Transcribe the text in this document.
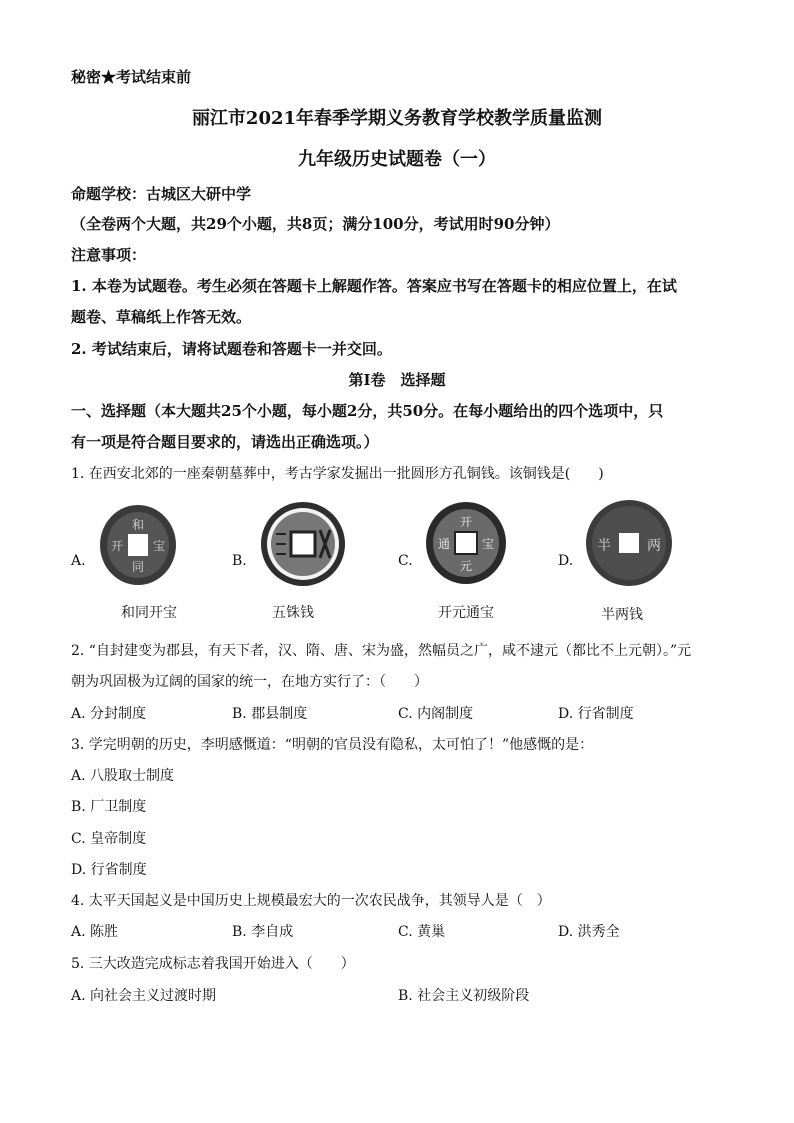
秘密★考试结束前
丽江市2021年春季学期义务教育学校教学质量监测
九年级历史试题卷（一）
命题学校：古城区大研中学
（全卷两个大题，共29个小题，共8页；满分100分，考试用时90分钟）
注意事项：
1. 本卷为试题卷。考生必须在答题卡上解题作答。答案应书写在答题卡的相应位置上，在试
题卷、草稿纸上作答无效。
2. 考试结束后，请将试题卷和答题卡一并交回。
第Ⅰ卷　选择题
一、选择题（本大题共25个小题，每小题2分，共50分。在每小题给出的四个选项中，只
有一项是符合题目要求的，请选出正确选项。）
1. 在西安北郊的一座秦朝墓葬中，考古学家发掘出一批圆形方孔铜钱。该铜钱是(　　)
A.
和
同
开 宝
和同开宝
B.
五铢钱
C.
开
元
通	宝
开元通宝
D.
半	两
半两钱
2. “自封建变为郡县，有天下者，汉、隋、唐、宋为盛，然幅员之广，咸不逮元（都比不上元朝）。”元
朝为巩固极为辽阔的国家的统一，在地方实行了：（　　）
A. 分封制度	B. 郡县制度	C. 内阁制度	D. 行省制度
3. 学完明朝的历史，李明感慨道：“明朝的官员没有隐私，太可怕了！”他感慨的是：
A. 八股取士制度
B. 厂卫制度
C. 皇帝制度
D. 行省制度
4. 太平天国起义是中国历史上规模最宏大的一次农民战争，其领导人是（　）
A. 陈胜	B. 李自成	C. 黄巢	D. 洪秀全
5. 三大改造完成标志着我国开始进入（　　）
A. 向社会主义过渡时期	B. 社会主义初级阶段
